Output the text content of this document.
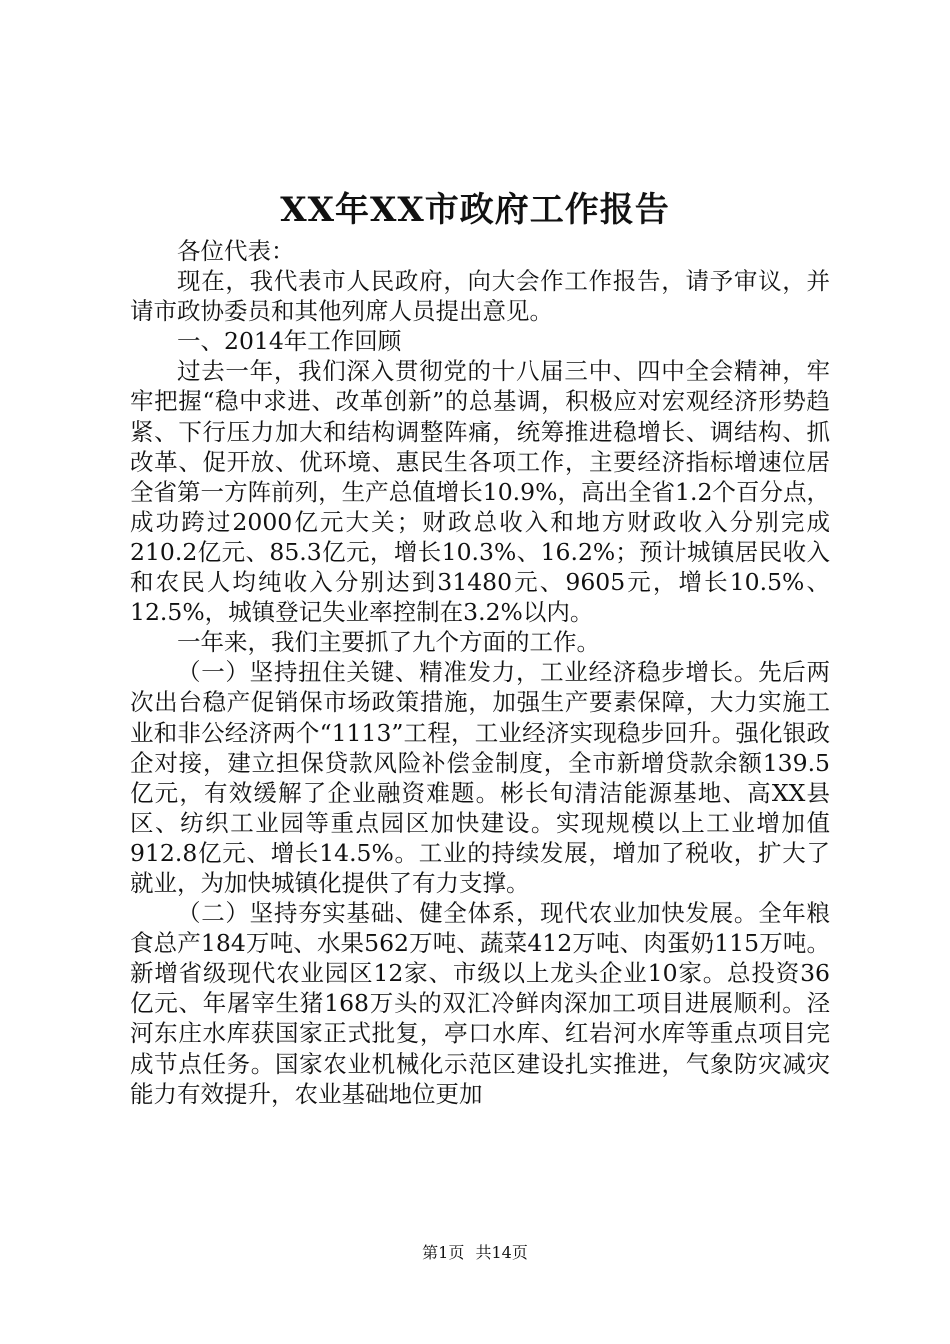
XX年XX市政府工作报告

各位代表：

现在，我代表市人民政府，向大会作工作报告，请予审议，并请市政协委员和其他列席人员提出意见。

一、2014年工作回顾

过去一年，我们深入贯彻党的十八届三中、四中全会精神，牢牢把握“稳中求进、改革创新”的总基调，积极应对宏观经济形势趋紧、下行压力加大和结构调整阵痛，统筹推进稳增长、调结构、抓改革、促开放、优环境、惠民生各项工作，主要经济指标增速位居全省第一方阵前列，生产总值增长10.9%，高出全省1.2个百分点，成功跨过2000亿元大关；财政总收入和地方财政收入分别完成210.2亿元、85.3亿元，增长10.3%、16.2%；预计城镇居民收入和农民人均纯收入分别达到31480元、9605元，增长10.5%、12.5%，城镇登记失业率控制在3.2%以内。

一年来，我们主要抓了九个方面的工作。

（一）坚持扭住关键、精准发力，工业经济稳步增长。先后两次出台稳产促销保市场政策措施，加强生产要素保障，大力实施工业和非公经济两个“1113”工程，工业经济实现稳步回升。强化银政企对接，建立担保贷款风险补偿金制度，全市新增贷款余额139.5亿元，有效缓解了企业融资难题。彬长旬清洁能源基地、高XX县区、纺织工业园等重点园区加快建设。实现规模以上工业增加值912.8亿元、增长14.5%。工业的持续发展，增加了税收，扩大了就业，为加快城镇化提供了有力支撑。

（二）坚持夯实基础、健全体系，现代农业加快发展。全年粮食总产184万吨、水果562万吨、蔬菜412万吨、肉蛋奶115万吨。新增省级现代农业园区12家、市级以上龙头企业10家。总投资36亿元、年屠宰生猪168万头的双汇冷鲜肉深加工项目进展顺利。泾河东庄水库获国家正式批复，亭口水库、红岩河水库等重点项目完成节点任务。国家农业机械化示范区建设扎实推进，气象防灾减灾能力有效提升，农业基础地位更加

第1页 共14页
